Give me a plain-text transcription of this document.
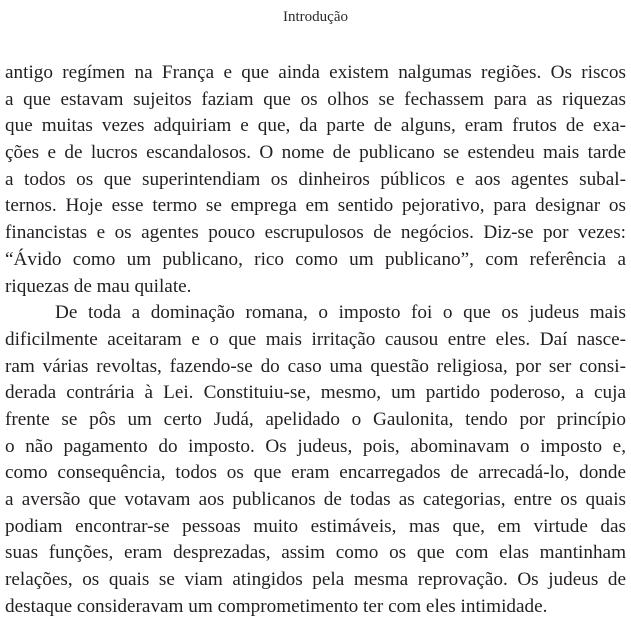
Introdução
antigo regímen na França e que ainda existem nalgumas regiões. Os riscos
a que estavam sujeitos faziam que os olhos se fechassem para as riquezas
que muitas vezes adquiriam e que, da parte de alguns, eram frutos de exa-
ções e de lucros escandalosos. O nome de publicano se estendeu mais tarde
a todos os que superintendiam os dinheiros públicos e aos agentes subal-
ternos. Hoje esse termo se emprega em sentido pejorativo, para designar os
financistas e os agentes pouco escrupulosos de negócios. Diz-se por vezes:
“Ávido como um publicano, rico como um publicano”, com referência a
riquezas de mau quilate.
De toda a dominação romana, o imposto foi o que os judeus mais
dificilmente aceitaram e o que mais irritação causou entre eles. Daí nasce-
ram várias revoltas, fazendo-se do caso uma questão religiosa, por ser consi-
derada contrária à Lei. Constituiu-se, mesmo, um partido poderoso, a cuja
frente se pôs um certo Judá, apelidado o Gaulonita, tendo por princípio
o não pagamento do imposto. Os judeus, pois, abominavam o imposto e,
como consequência, todos os que eram encarregados de arrecadá-lo, donde
a aversão que votavam aos publicanos de todas as categorias, entre os quais
podiam encontrar-se pessoas muito estimáveis, mas que, em virtude das
suas funções, eram desprezadas, assim como os que com elas mantinham
relações, os quais se viam atingidos pela mesma reprovação. Os judeus de
destaque consideravam um comprometimento ter com eles intimidade.
